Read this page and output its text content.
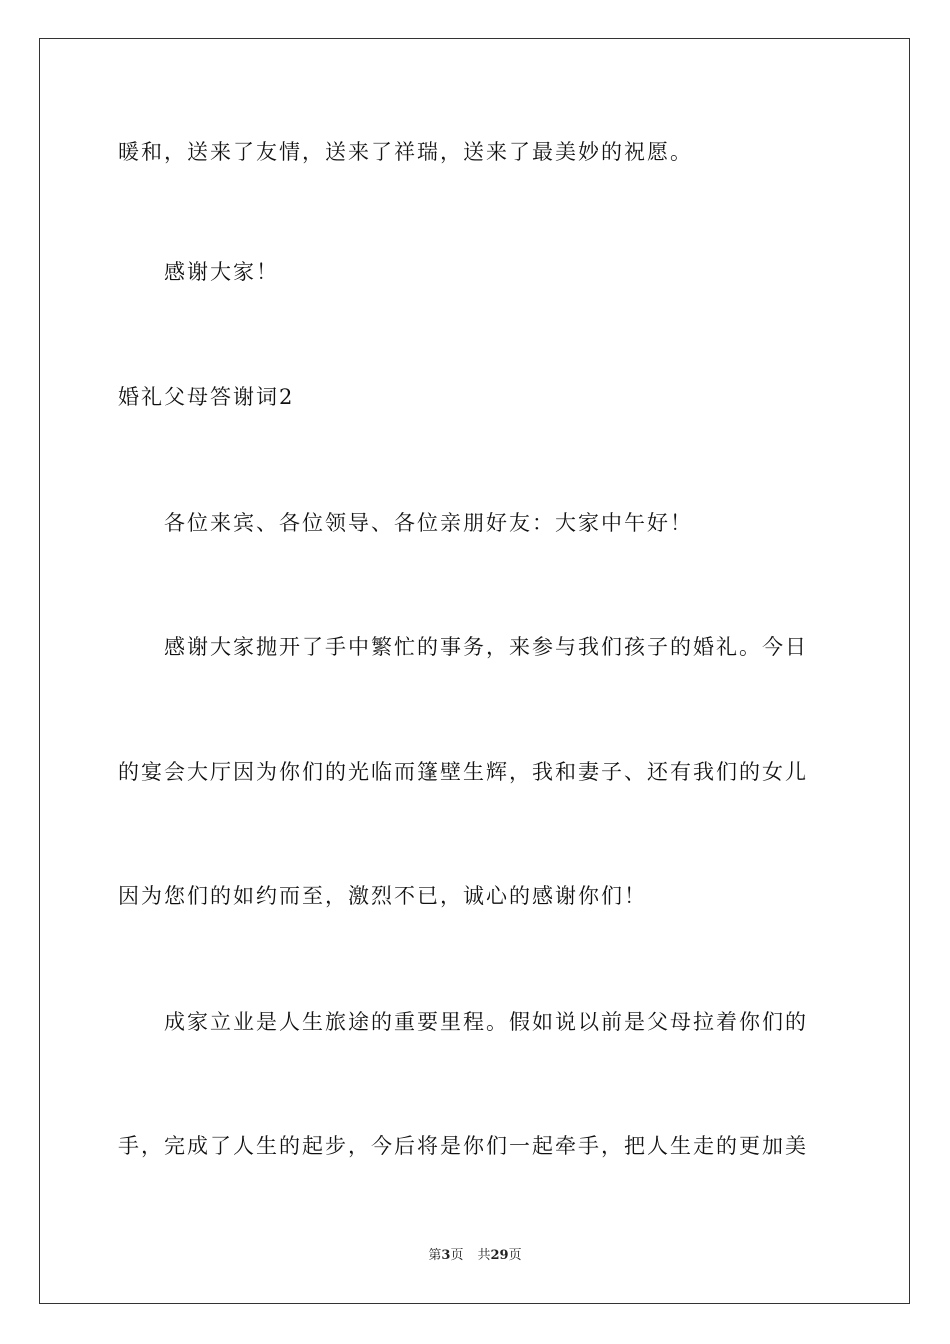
暖和，送来了友情，送来了祥瑞，送来了最美妙的祝愿。
感谢大家！
婚礼父母答谢词2
各位来宾、各位领导、各位亲朋好友：大家中午好！
感谢大家抛开了手中繁忙的事务，来参与我们孩子的婚礼。今日
的宴会大厅因为你们的光临而篷壁生辉，我和妻子、还有我们的女儿
因为您们的如约而至，激烈不已，诚心的感谢你们！
成家立业是人生旅途的重要里程。假如说以前是父母拉着你们的
手，完成了人生的起步，今后将是你们一起牵手，把人生走的更加美
第3页 共29页
